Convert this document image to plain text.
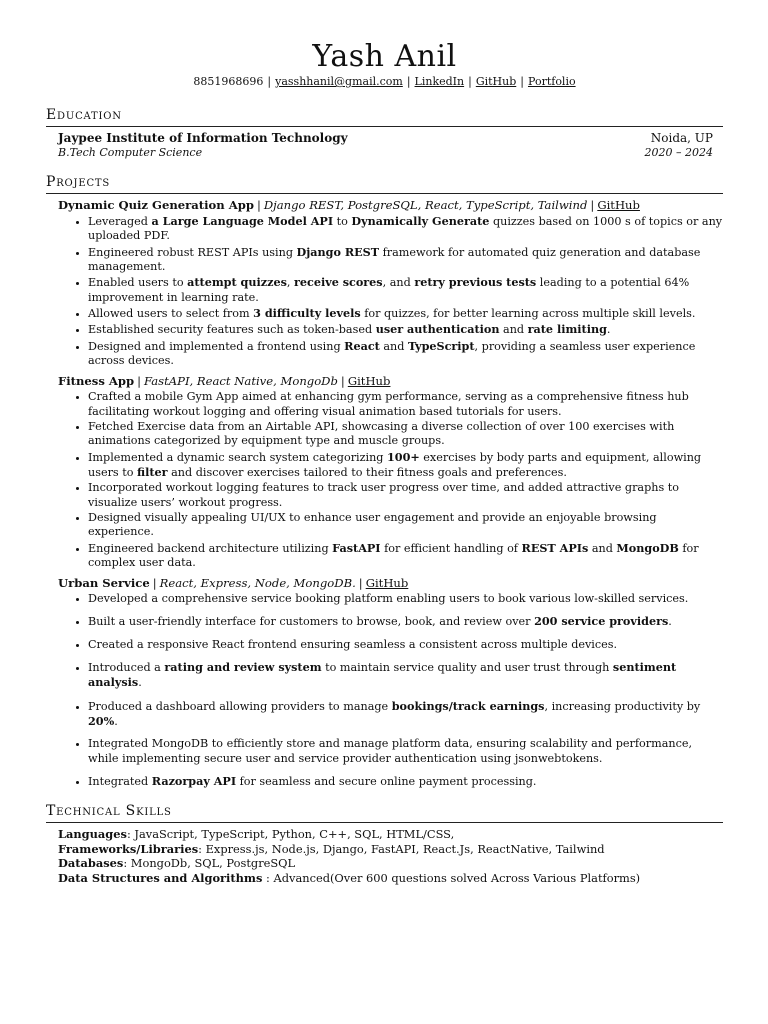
Yash Anil
8851968696 | yasshhanil@gmail.com | LinkedIn | GitHub | Portfolio
Education
Jaypee Institute of Information Technology	Noida, UP
B.Tech Computer Science	2020 – 2024
Projects
Dynamic Quiz Generation App | Django REST, PostgreSQL, React, TypeScript, Tailwind | GitHub
• Leveraged a Large Language Model API to Dynamically Generate quizzes based on 1000 s of topics or any uploaded PDF.
• Engineered robust REST APIs using Django REST framework for automated quiz generation and database management.
• Enabled users to attempt quizzes, receive scores, and retry previous tests leading to a potential 64% improvement in learning rate.
• Allowed users to select from 3 difficulty levels for quizzes, for better learning across multiple skill levels.
• Established security features such as token-based user authentication and rate limiting.
• Designed and implemented a frontend using React and TypeScript, providing a seamless user experience across devices.
Fitness App | FastAPI, React Native, MongoDb | GitHub
• Crafted a mobile Gym App aimed at enhancing gym performance, serving as a comprehensive fitness hub facilitating workout logging and offering visual animation based tutorials for users.
• Fetched Exercise data from an Airtable API, showcasing a diverse collection of over 100 exercises with animations categorized by equipment type and muscle groups.
• Implemented a dynamic search system categorizing 100+ exercises by body parts and equipment, allowing users to filter and discover exercises tailored to their fitness goals and preferences.
• Incorporated workout logging features to track user progress over time, and added attractive graphs to visualize users’ workout progress.
• Designed visually appealing UI/UX to enhance user engagement and provide an enjoyable browsing experience.
• Engineered backend architecture utilizing FastAPI for efficient handling of REST APIs and MongoDB for complex user data.
Urban Service | React, Express, Node, MongoDB. | GitHub
• Developed a comprehensive service booking platform enabling users to book various low-skilled services.
• Built a user-friendly interface for customers to browse, book, and review over 200 service providers.
• Created a responsive React frontend ensuring seamless a consistent across multiple devices.
• Introduced a rating and review system to maintain service quality and user trust through sentiment analysis.
• Produced a dashboard allowing providers to manage bookings/track earnings, increasing productivity by 20%.
• Integrated MongoDB to efficiently store and manage platform data, ensuring scalability and performance, while implementing secure user and service provider authentication using jsonwebtokens.
• Integrated Razorpay API for seamless and secure online payment processing.
Technical Skills
Languages: JavaScript, TypeScript, Python, C++, SQL, HTML/CSS,
Frameworks/Libraries: Express.js, Node.js, Django, FastAPI, React.Js, ReactNative, Tailwind
Databases: MongoDb, SQL, PostgreSQL
Data Structures and Algorithms : Advanced(Over 600 questions solved Across Various Platforms)
